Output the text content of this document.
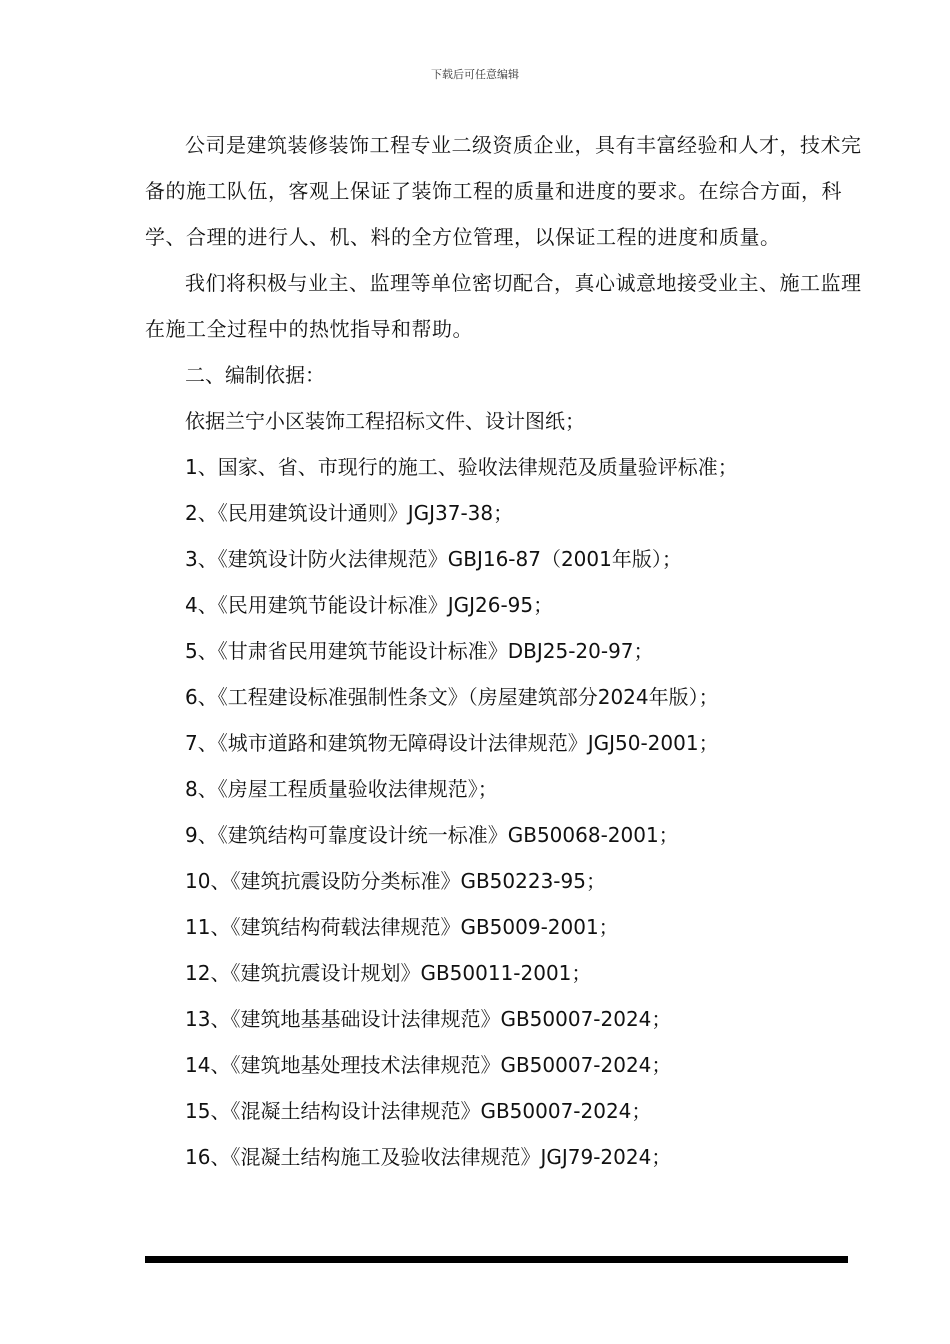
下载后可任意编辑

公司是建筑装修装饰工程专业二级资质企业，具有丰富经验和人才，技术完备的施工队伍，客观上保证了装饰工程的质量和进度的要求。在综合方面，科学、合理的进行人、机、料的全方位管理，以保证工程的进度和质量。

我们将积极与业主、监理等单位密切配合，真心诚意地接受业主、施工监理在施工全过程中的热忱指导和帮助。

二、编制依据：

依据兰宁小区装饰工程招标文件、设计图纸；

1、国家、省、市现行的施工、验收法律规范及质量验评标准；

2、《民用建筑设计通则》JGJ37-38；

3、《建筑设计防火法律规范》GBJ16-87（2001年版）；

4、《民用建筑节能设计标准》JGJ26-95；

5、《甘肃省民用建筑节能设计标准》DBJ25-20-97；

6、《工程建设标准强制性条文》（房屋建筑部分2024年版）；

7、《城市道路和建筑物无障碍设计法律规范》JGJ50-2001；

8、《房屋工程质量验收法律规范》；

9、《建筑结构可靠度设计统一标准》GB50068-2001；

10、《建筑抗震设防分类标准》GB50223-95；

11、《建筑结构荷载法律规范》GB5009-2001；

12、《建筑抗震设计规划》GB50011-2001；

13、《建筑地基基础设计法律规范》GB50007-2024；

14、《建筑地基处理技术法律规范》GB50007-2024；

15、《混凝土结构设计法律规范》GB50007-2024；

16、《混凝土结构施工及验收法律规范》JGJ79-2024；
